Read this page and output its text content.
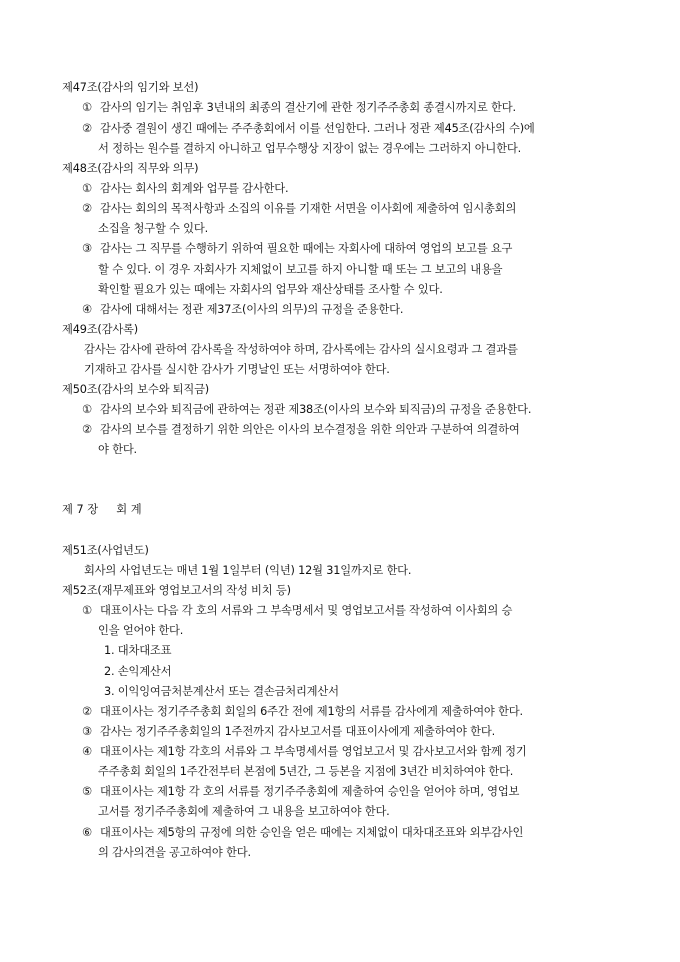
제47조(감사의 임기와 보선)
① 감사의 임기는 취임후 3년내의 최종의 결산기에 관한 정기주주총회 종결시까지로 한다.
② 감사중 결원이 생긴 때에는 주주총회에서 이를 선임한다. 그러나 정관 제45조(감사의 수)에
서 정하는 원수를 결하지 아니하고 업무수행상 지장이 없는 경우에는 그러하지 아니한다.
제48조(감사의 직무와 의무)
① 감사는 회사의 회계와 업무를 감사한다.
② 감사는 회의의 목적사항과 소집의 이유를 기재한 서면을 이사회에 제출하여 임시총회의
소집을 청구할 수 있다.
③ 감사는 그 직무를 수행하기 위하여 필요한 때에는 자회사에 대하여 영업의 보고를 요구
할 수 있다. 이 경우 자회사가 지체없이 보고를 하지 아니할 때 또는 그 보고의 내용을
확인할 필요가 있는 때에는 자회사의 업무와 재산상태를 조사할 수 있다.
④ 감사에 대해서는 정관 제37조(이사의 의무)의 규정을 준용한다.
제49조(감사록)
감사는 감사에 관하여 감사록을 작성하여야 하며, 감사록에는 감사의 실시요령과 그 결과를
기재하고 감사를 실시한 감사가 기명날인 또는 서명하여야 한다.
제50조(감사의 보수와 퇴직금)
① 감사의 보수와 퇴직금에 관하여는 정관 제38조(이사의 보수와 퇴직금)의 규정을 준용한다.
② 감사의 보수를 결정하기 위한 의안은 이사의 보수결정을 위한 의안과 구분하여 의결하여
야 한다.
제 7 장 회 계
제51조(사업년도)
회사의 사업년도는 매년 1월 1일부터 (익년) 12월 31일까지로 한다.
제52조(재무제표와 영업보고서의 작성 비치 등)
① 대표이사는 다음 각 호의 서류와 그 부속명세서 및 영업보고서를 작성하여 이사회의 승
인을 얻어야 한다.
1. 대차대조표
2. 손익계산서
3. 이익잉여금처분계산서 또는 결손금처리계산서
② 대표이사는 정기주주총회 회일의 6주간 전에 제1항의 서류를 감사에게 제출하여야 한다.
③ 감사는 정기주주총회일의 1주전까지 감사보고서를 대표이사에게 제출하여야 한다.
④ 대표이사는 제1항 각호의 서류와 그 부속명세서를 영업보고서 및 감사보고서와 함께 정기
주주총회 회일의 1주간전부터 본점에 5년간, 그 등본을 지점에 3년간 비치하여야 한다.
⑤ 대표이사는 제1항 각 호의 서류를 정기주주총회에 제출하여 승인을 얻어야 하며, 영업보
고서를 정기주주총회에 제출하여 그 내용을 보고하여야 한다.
⑥ 대표이사는 제5항의 규정에 의한 승인을 얻은 때에는 지체없이 대차대조표와 외부감사인
의 감사의견을 공고하여야 한다.
